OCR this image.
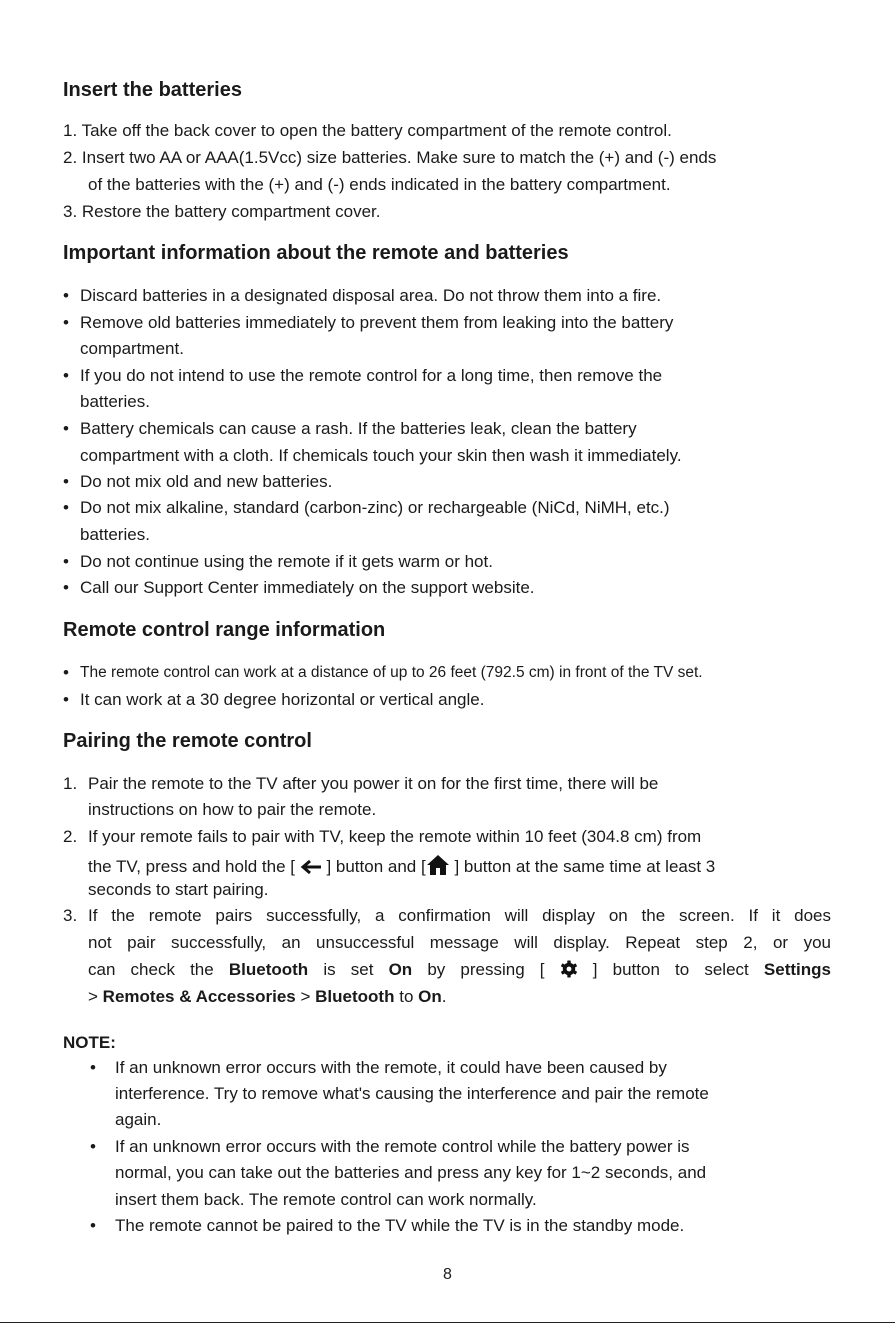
Insert the batteries

1. Take off the back cover to open the battery compartment of the remote control.

2. Insert two AA or AAA(1.5Vcc) size batteries. Make sure to match the (+) and (-) ends

of the batteries with the (+) and (-) ends indicated in the battery compartment.

3. Restore the battery compartment cover.

Important information about the remote and batteries
• Discard batteries in a designated disposal area. Do not throw them into a fire.

• Remove old batteries immediately to prevent them from leaking into the battery

compartment.

• If you do not intend to use the remote control for a long time, then remove the

batteries.

• Battery chemicals can cause a rash. If the batteries leak, clean the battery

compartment with a cloth. If chemicals touch your skin then wash it immediately.

• Do not mix old and new batteries.

• Do not mix alkaline, standard (carbon-zinc) or rechargeable (NiCd, NiMH, etc.)

batteries.

• Do not continue using the remote if it gets warm or hot.

• Call our Support Center immediately on the support website.

Remote control range information
• The remote control can work at a distance of up to 26 feet (792.5 cm) in front of the TV set.

• It can work at a 30 degree horizontal or vertical angle.

Pairing the remote control
1. Pair the remote to the TV after you power it on for the first time, there will be

instructions on how to pair the remote.

2. If your remote fails to pair with TV, keep the remote within 10 feet (304.8 cm) from

the TV, press and hold the [ ] button and [ ] button at the same time at least 3

seconds to start pairing.

3. If the remote pairs successfully, a confirmation will display on the screen. If it does

not pair successfully, an unsuccessful message will display. Repeat step 2, or you

can check the Bluetooth is set On by pressing [	] button to select Settings

> Remotes & Accessories > Bluetooth to On.

NOTE:

• If an unknown error occurs with the remote, it could have been caused by

interference. Try to remove what's causing the interference and pair the remote

again.

• If an unknown error occurs with the remote control while the battery power is

normal, you can take out the batteries and press any key for 1~2 seconds, and

insert them back. The remote control can work normally.

• The remote cannot be paired to the TV while the TV is in the standby mode.

8
